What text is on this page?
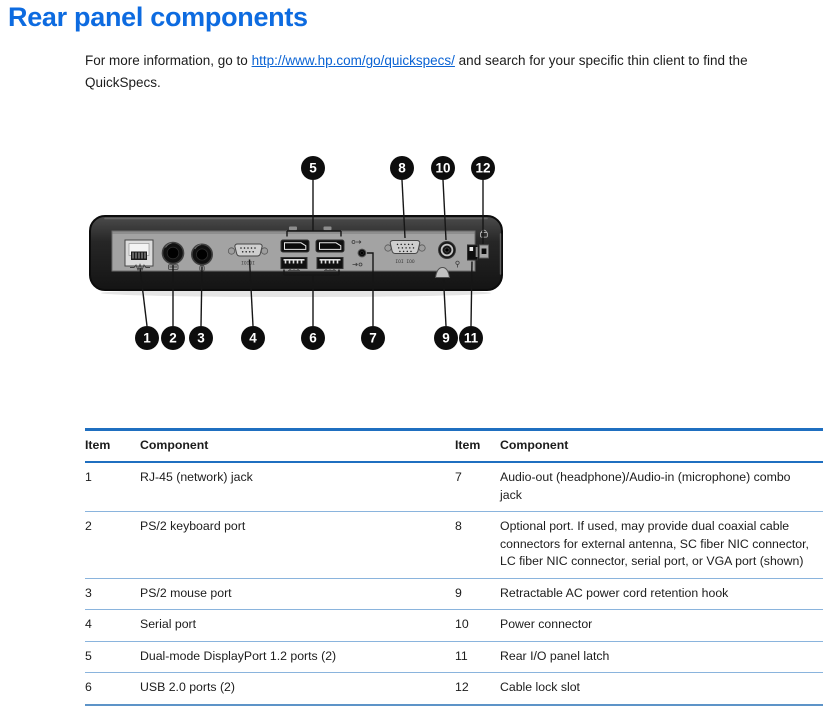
Rear panel components

For more information, go to http://www.hp.com/go/quickspecs/ and search for your specific thin client to find the QuickSpecs.

IOIOI	IOI IOO
1 2 3	4
5
6	7
8
9
10
11
12
Item	Component	Item	Component
1	RJ-45 (network) jack	7	Audio-out (headphone)/Audio-in (microphone) combo jack
2	PS/2 keyboard port	8	Optional port. If used, may provide dual coaxial cable connectors for external antenna, SC fiber NIC connector, LC fiber NIC connector, serial port, or VGA port (shown)
3	PS/2 mouse port	9	Retractable AC power cord retention hook
4	Serial port	10	Power connector
5	Dual-mode DisplayPort 1.2 ports (2)	11	Rear I/O panel latch
6	USB 2.0 ports (2)	12	Cable lock slot
